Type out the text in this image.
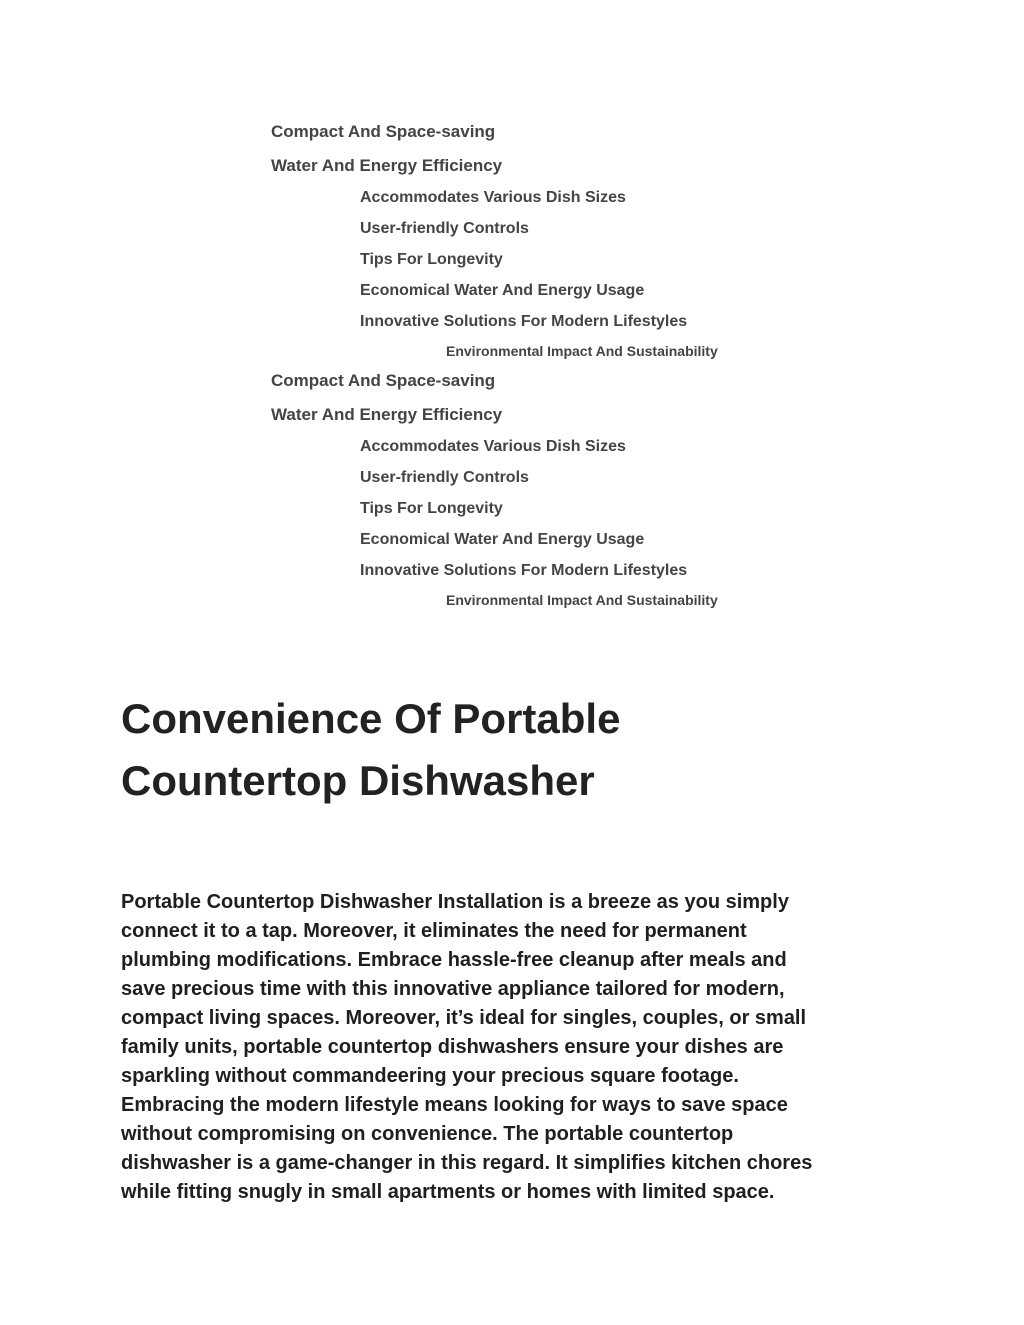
Compact And Space-saving
Water And Energy Efficiency
Accommodates Various Dish Sizes
User-friendly Controls
Tips For Longevity
Economical Water And Energy Usage
Innovative Solutions For Modern Lifestyles
Environmental Impact And Sustainability
Compact And Space-saving
Water And Energy Efficiency
Accommodates Various Dish Sizes
User-friendly Controls
Tips For Longevity
Economical Water And Energy Usage
Innovative Solutions For Modern Lifestyles
Environmental Impact And Sustainability
Convenience Of Portable
Countertop Dishwasher

Portable Countertop Dishwasher Installation is a breeze as you simply
connect it to a tap. Moreover, it eliminates the need for permanent
plumbing modifications. Embrace hassle-free cleanup after meals and
save precious time with this innovative appliance tailored for modern,
compact living spaces. Moreover, it’s ideal for singles, couples, or small
family units, portable countertop dishwashers ensure your dishes are
sparkling without commandeering your precious square footage.
Embracing the modern lifestyle means looking for ways to save space
without compromising on convenience. The portable countertop
dishwasher is a game-changer in this regard. It simplifies kitchen chores
while fitting snugly in small apartments or homes with limited space.
